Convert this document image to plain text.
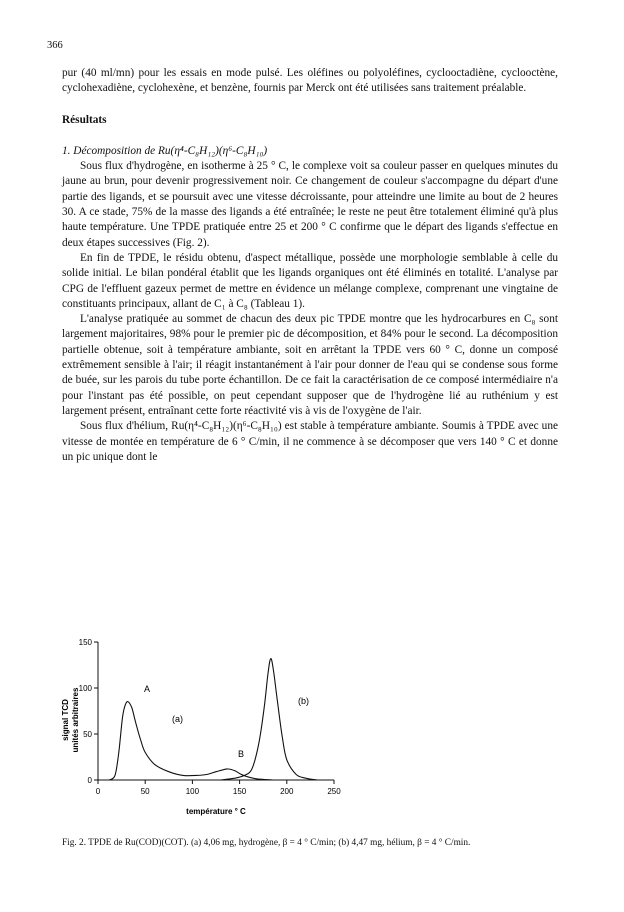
366

pur (40 ml/mn) pour les essais en mode pulsé. Les oléfines ou polyoléfines, cyclooctadiène, cyclooctène, cyclohexadiène, cyclohexène, et benzène, fournis par Merck ont été utilisées sans traitement préalable.

Résultats

1. Décomposition de Ru(η⁴-C₈H₁₂)(η⁶-C₈H₁₀)

Sous flux d'hydrogène, en isotherme à 25 ° C, le complexe voit sa couleur passer en quelques minutes du jaune au brun, pour devenir progressivement noir. Ce changement de couleur s'accompagne du départ d'une partie des ligands, et se poursuit avec une vitesse décroissante, pour atteindre une limite au bout de 2 heures 30. A ce stade, 75% de la masse des ligands a été entraînée; le reste ne peut être totalement éliminé qu'à plus haute température. Une TPDE pratiquée entre 25 et 200 ° C confirme que le départ des ligands s'effectue en deux étapes successives (Fig. 2).

En fin de TPDE, le résidu obtenu, d'aspect métallique, possède une morphologie semblable à celle du solide initial. Le bilan pondéral établit que les ligands organiques ont été éliminés en totalité. L'analyse par CPG de l'effluent gazeux permet de mettre en évidence un mélange complexe, comprenant une vingtaine de constituants principaux, allant de C₁ à C₈ (Tableau 1).

L'analyse pratiquée au sommet de chacun des deux pic TPDE montre que les hydrocarbures en C₈ sont largement majoritaires, 98% pour le premier pic de décomposition, et 84% pour le second. La décomposition partielle obtenue, soit à température ambiante, soit en arrêtant la TPDE vers 60 ° C, donne un composé extrêmement sensible à l'air; il réagit instantanément à l'air pour donner de l'eau qui se condense sous forme de buée, sur les parois du tube porte échantillon. De ce fait la caractérisation de ce composé intermédiaire n'a pour l'instant pas été possible, on peut cependant supposer que de l'hydrogène lié au ruthénium y est largement présent, entraînant cette forte réactivité vis à vis de l'oxygène de l'air.

Sous flux d'hélium, Ru(η⁴-C₈H₁₂)(η⁶-C₈H₁₀) est stable à température ambiante. Soumis à TPDE avec une vitesse de montée en température de 6 ° C/min, il ne commence à se décomposer que vers 140 ° C et donne un pic unique dont le

signal TCD unités arbitraires
0	50	100	150	200	250
0
50
100
150
température ° C
A
B
(a)
(b)
Fig. 2. TPDE de Ru(COD)(COT). (a) 4,06 mg, hydrogène, β = 4 ° C/min; (b) 4,47 mg, hélium, β = 4 ° C/min.
